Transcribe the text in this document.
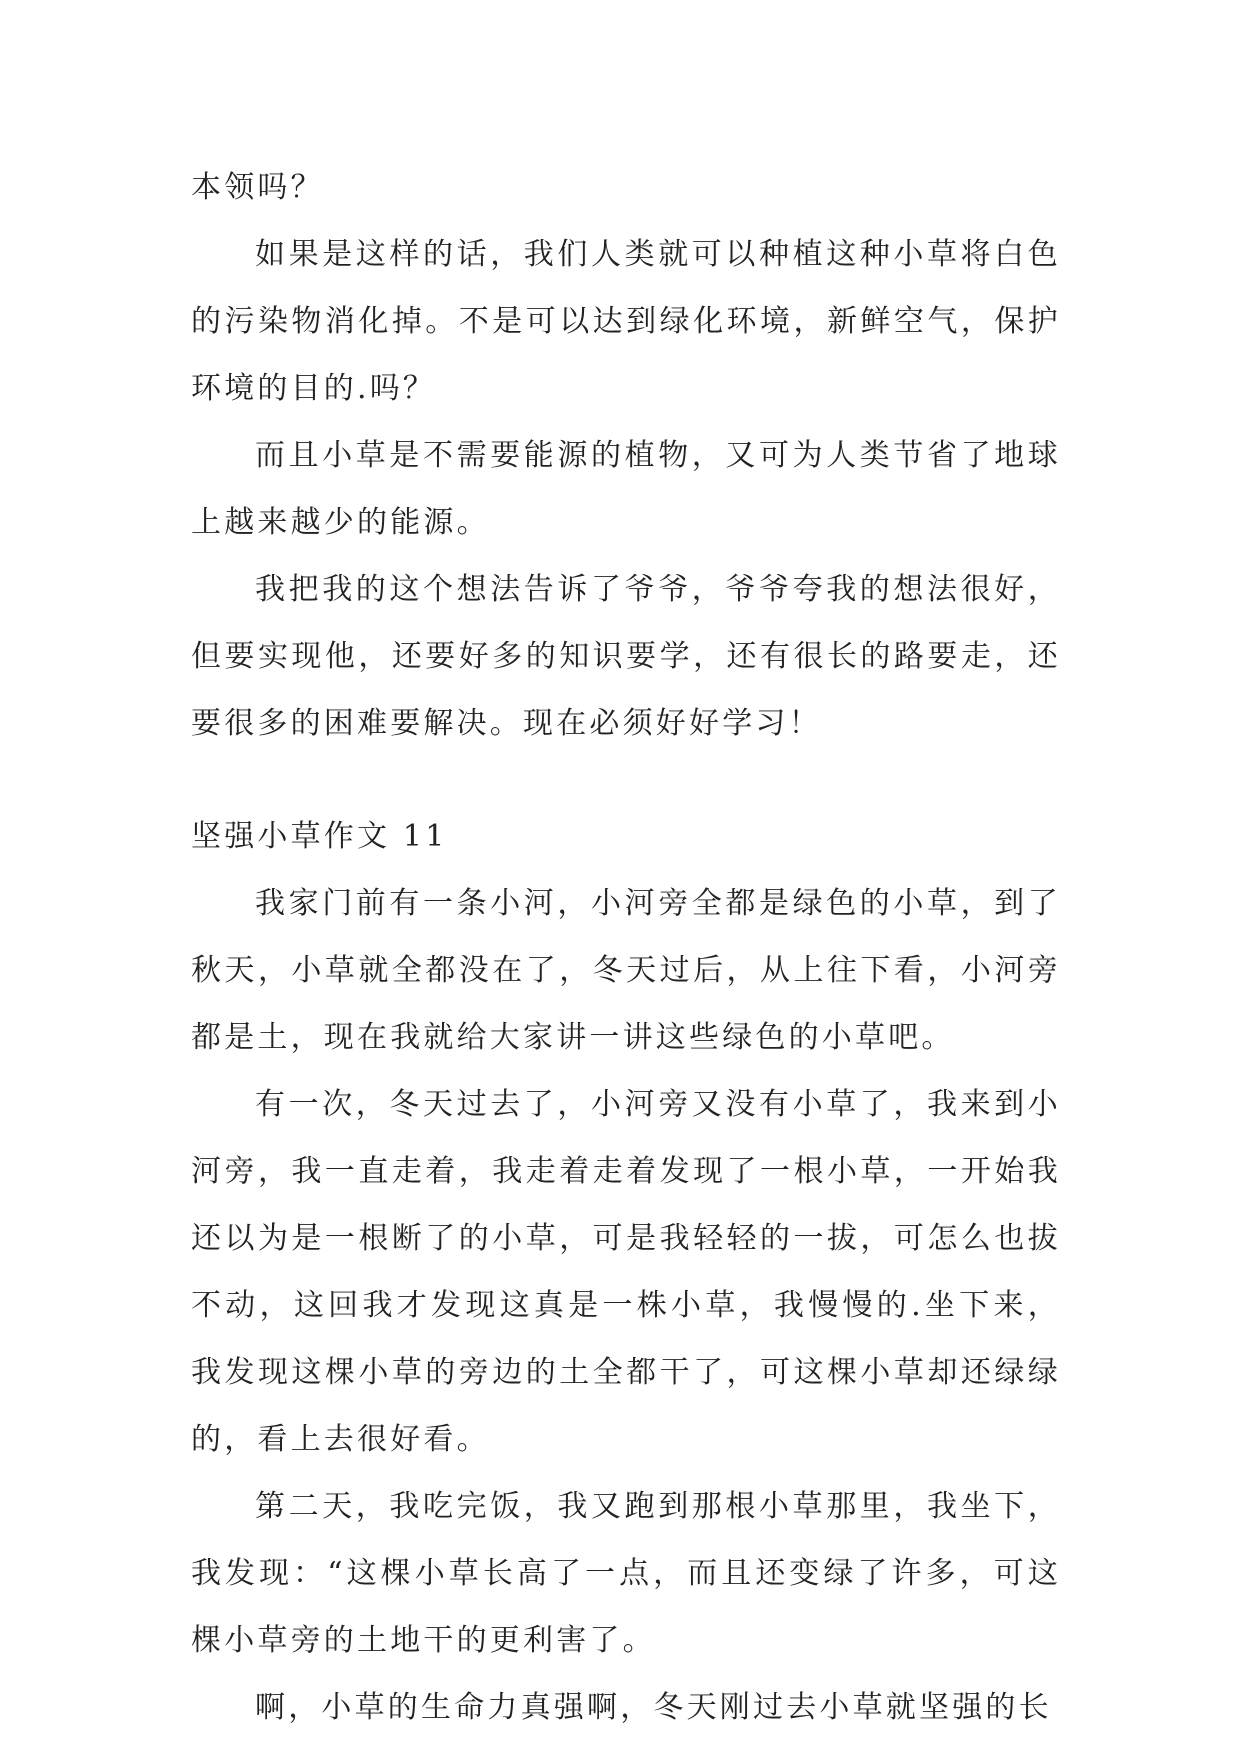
本领吗？

如果是这样的话，我们人类就可以种植这种小草将白色的污染物消化掉。不是可以达到绿化环境，新鲜空气，保护环境的目的.吗？

而且小草是不需要能源的植物，又可为人类节省了地球上越来越少的能源。

我把我的这个想法告诉了爷爷，爷爷夸我的想法很好，但要实现他，还要好多的知识要学，还有很长的路要走，还要很多的困难要解决。现在必须好好学习！

坚强小草作文 11

我家门前有一条小河，小河旁全都是绿色的小草，到了秋天，小草就全都没在了，冬天过后，从上往下看，小河旁都是土，现在我就给大家讲一讲这些绿色的小草吧。

有一次，冬天过去了，小河旁又没有小草了，我来到小河旁，我一直走着，我走着走着发现了一根小草，一开始我还以为是一根断了的小草，可是我轻轻的一拔，可怎么也拔不动，这回我才发现这真是一株小草，我慢慢的.坐下来，我发现这棵小草的旁边的土全都干了，可这棵小草却还绿绿的，看上去很好看。

第二天，我吃完饭，我又跑到那根小草那里，我坐下，我发现：“这棵小草长高了一点，而且还变绿了许多，可这棵小草旁的土地干的更利害了。

啊，小草的生命力真强啊，冬天刚过去小草就坚强的长
